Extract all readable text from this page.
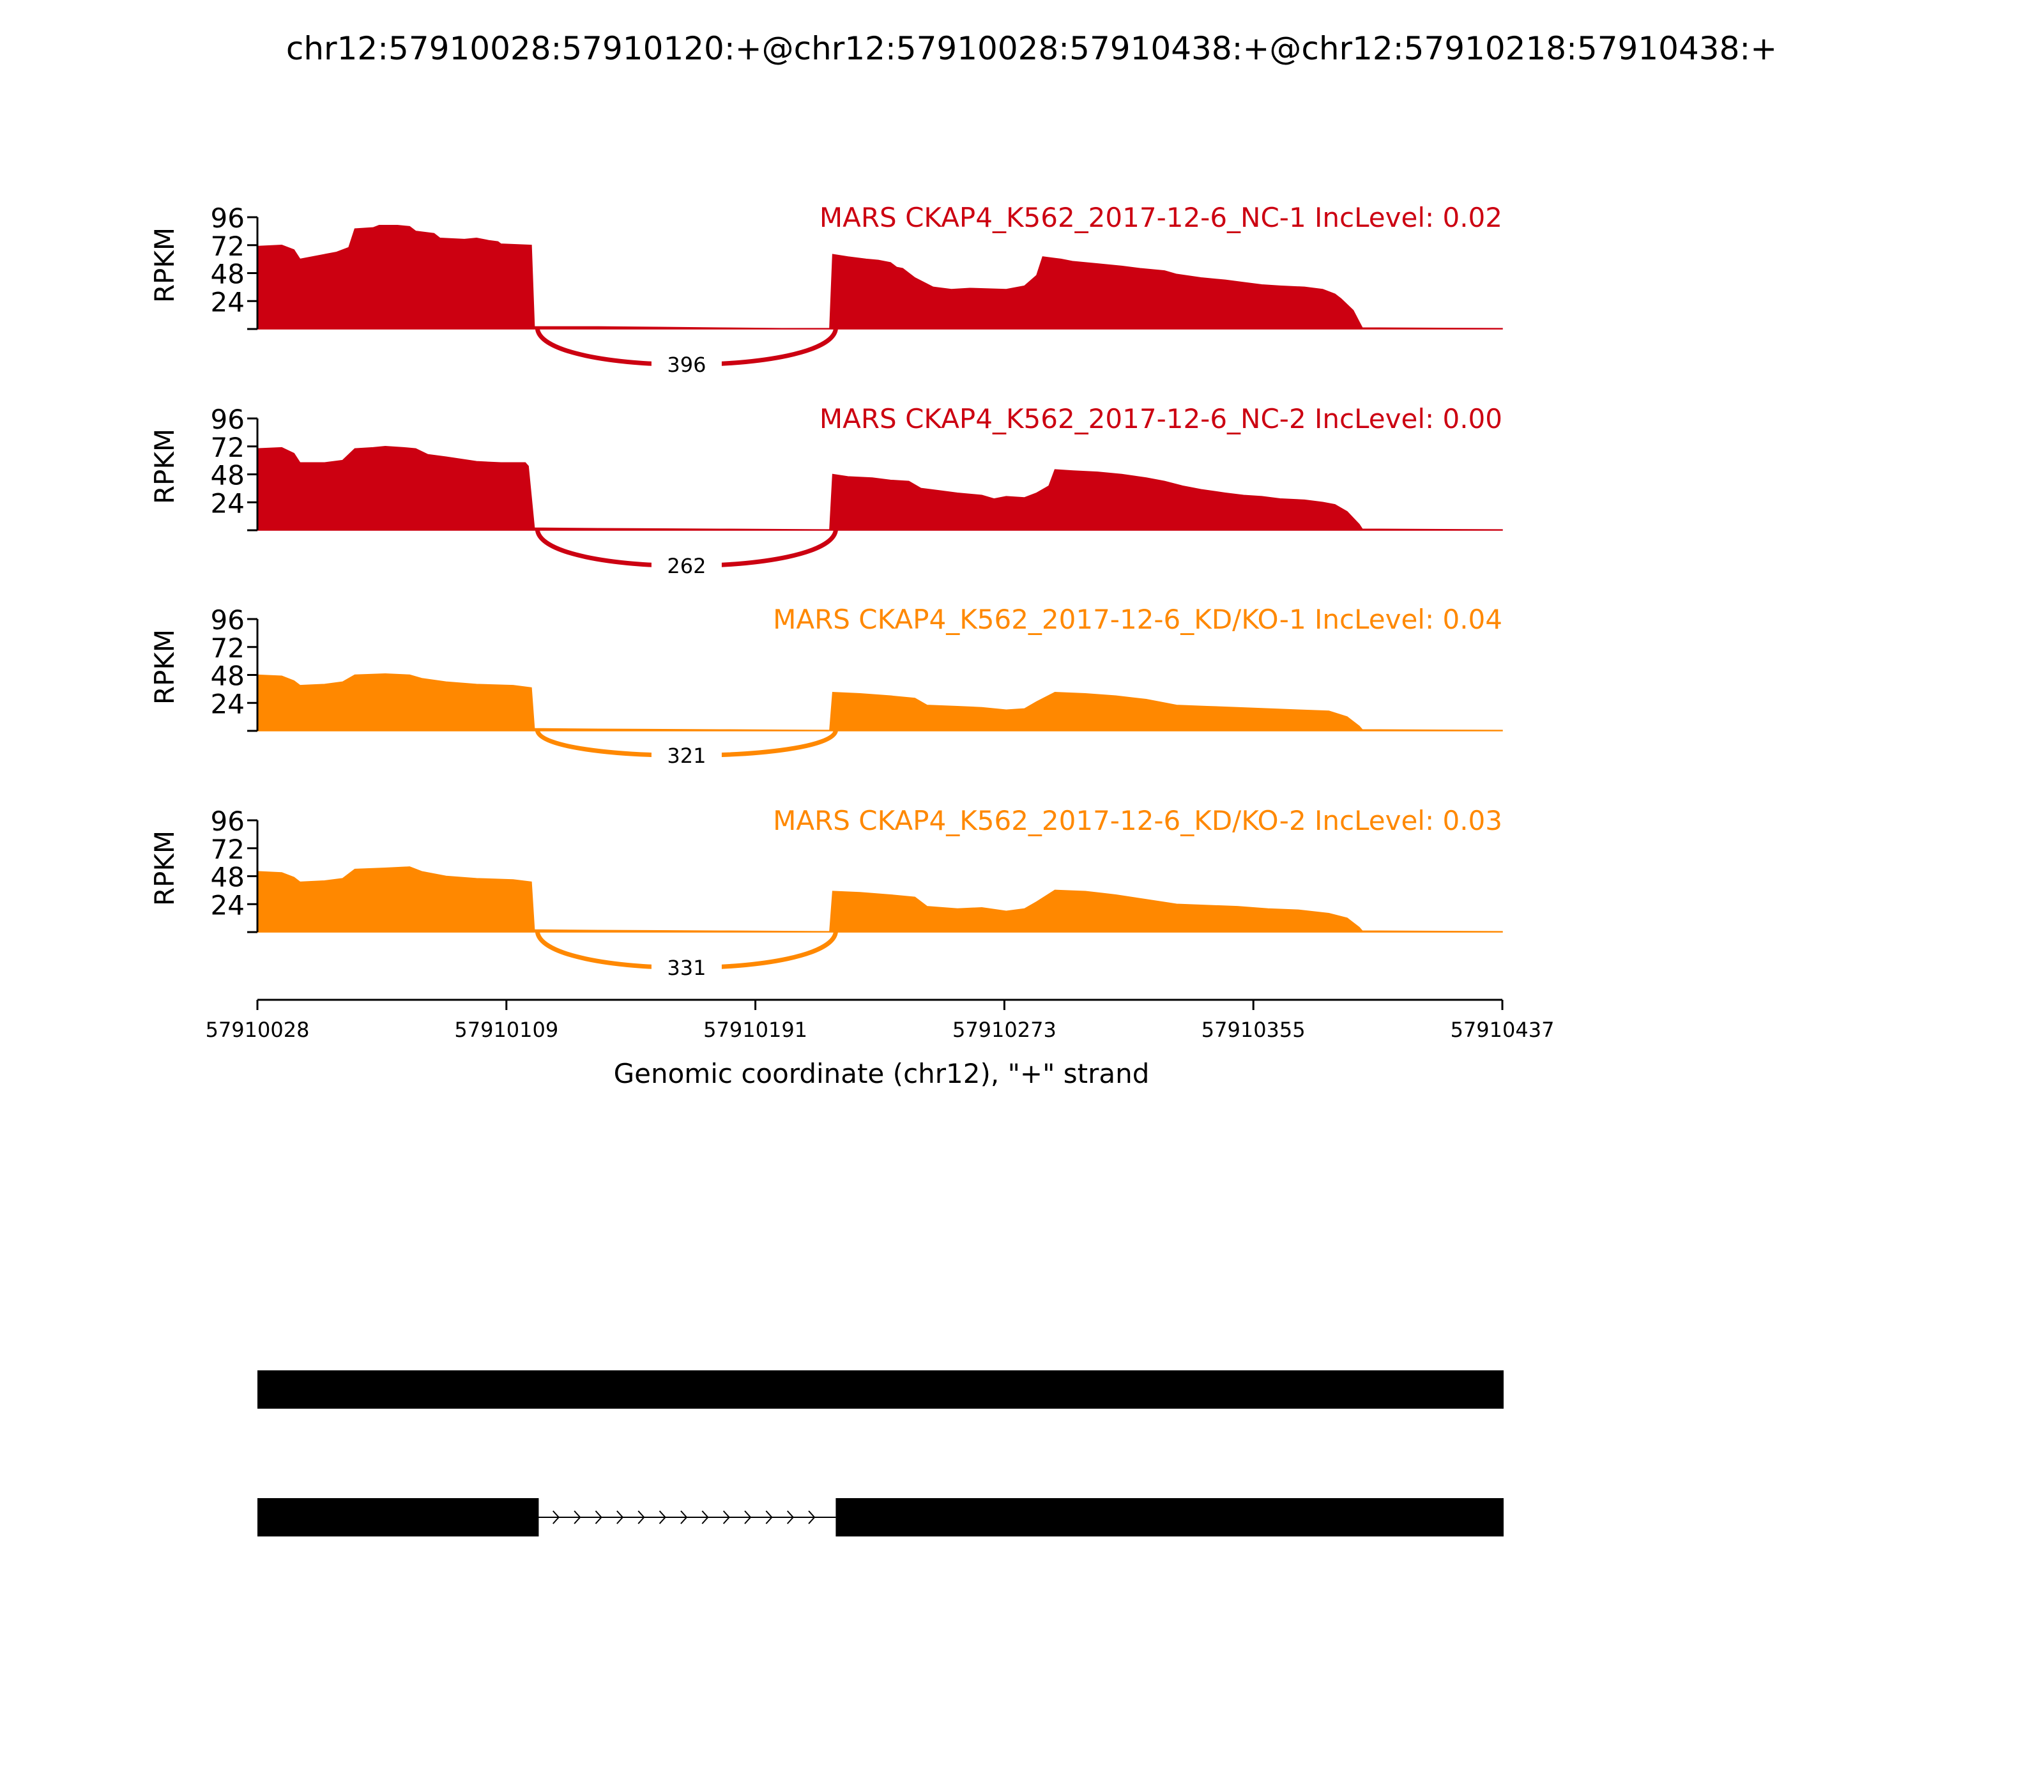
chr12:57910028:57910120:+@chr12:57910028:57910438:+@chr12:57910218:57910438:+
24
48
72
96
RPKM
MARS CKAP4_K562_2017-12-6_NC-1 IncLevel: 0.02
396
24
48
72
96
RPKM
MARS CKAP4_K562_2017-12-6_NC-2 IncLevel: 0.00
262
24
48
72
96
RPKM
MARS CKAP4_K562_2017-12-6_KD/KO-1 IncLevel: 0.04
321
24
48
72
96
RPKM
MARS CKAP4_K562_2017-12-6_KD/KO-2 IncLevel: 0.03
331
57910028	57910109	57910191	57910273	57910355	57910437
Genomic coordinate (chr12), "+" strand
